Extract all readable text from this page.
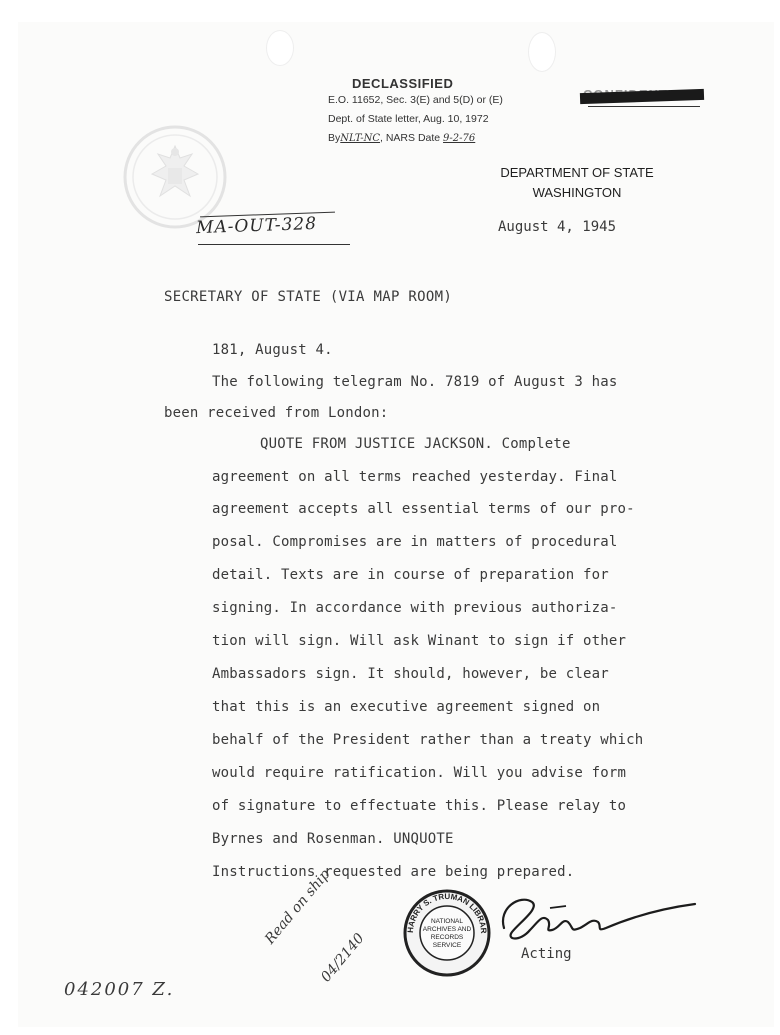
DECLASSIFIED
E.O. 11652, Sec. 3(E) and 5(D) or (E)
Dept. of State letter, Aug. 10, 1972
ByNLT-NC, NARS Date 9-2-76
DEPARTMENT OF STATE
WASHINGTON
MA-OUT-328	August 4, 1945
SECRETARY OF STATE (VIA MAP ROOM)
181, August 4.
The following telegram No. 7819 of August 3 has
been received from London:
QUOTE FROM JUSTICE JACKSON. Complete
agreement on all terms reached yesterday. Final
agreement accepts all essential terms of our pro-
posal. Compromises are in matters of procedural
detail. Texts are in course of preparation for
signing. In accordance with previous authoriza-
tion will sign. Will ask Winant to sign if other
Ambassadors sign. It should, however, be clear
that this is an executive agreement signed on
behalf of the President rather than a treaty which
would require ratification. Will you advise form
of signature to effectuate this. Please relay to
Byrnes and Rosenman. UNQUOTE
Instructions requested are being prepared.
Acting
HARRY S. TRUMAN LIBRAR
NATIONAL
ARCHIVES AND
RECORDS
SERVICE
Read on ship
04/2140
042007 Z.
